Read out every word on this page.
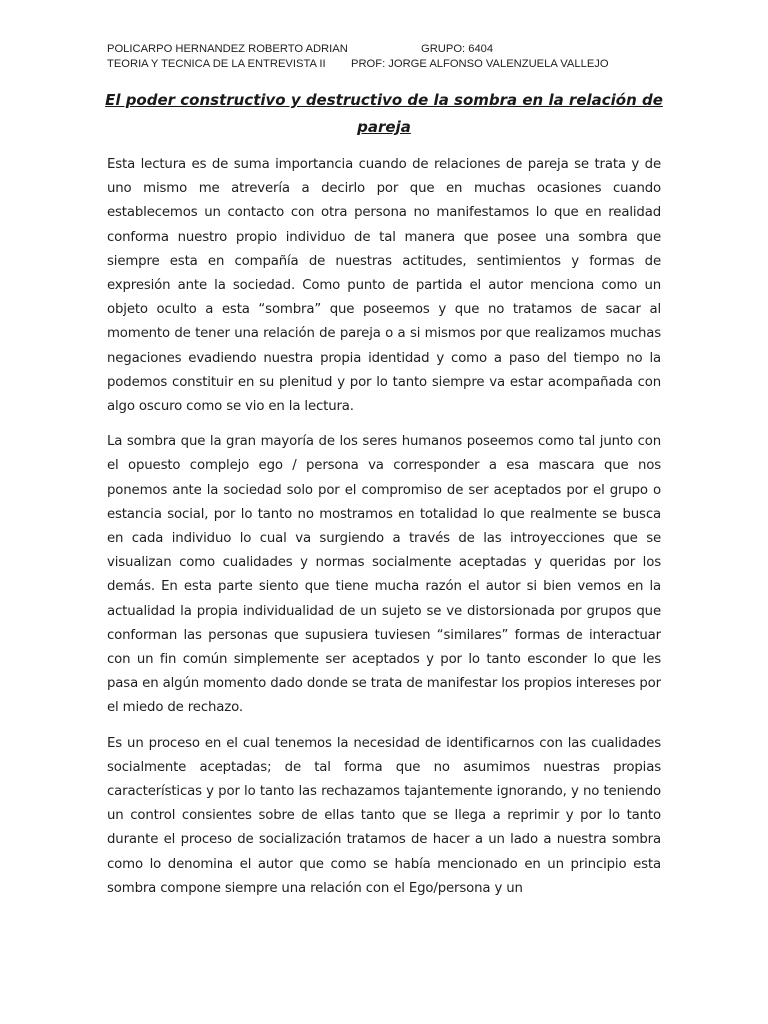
POLICARPO HERNANDEZ ROBERTO ADRIAN	GRUPO: 6404
TEORIA Y TECNICA DE LA ENTREVISTA II PROF: JORGE ALFONSO VALENZUELA VALLEJO
El poder constructivo y destructivo de la sombra en la relación de pareja

Esta lectura es de suma importancia cuando de relaciones de pareja se trata y de uno mismo me atrevería a decirlo por que en muchas ocasiones cuando establecemos un contacto con otra persona no manifestamos lo que en realidad conforma nuestro propio individuo de tal manera que posee una sombra que siempre esta en compañía de nuestras actitudes, sentimientos y formas de expresión ante la sociedad. Como punto de partida el autor menciona como un objeto oculto a esta “sombra” que poseemos y que no tratamos de sacar al momento de tener una relación de pareja o a si mismos por que realizamos muchas negaciones evadiendo nuestra propia identidad y como a paso del tiempo no la podemos constituir en su plenitud y por lo tanto siempre va estar acompañada con algo oscuro como se vio en la lectura.

La sombra que la gran mayoría de los seres humanos poseemos como tal junto con el opuesto complejo ego / persona va corresponder a esa mascara que nos ponemos ante la sociedad solo por el compromiso de ser aceptados por el grupo o estancia social, por lo tanto no mostramos en totalidad lo que realmente se busca en cada individuo lo cual va surgiendo a través de las introyecciones que se visualizan como cualidades y normas socialmente aceptadas y queridas por los demás. En esta parte siento que tiene mucha razón el autor si bien vemos en la actualidad la propia individualidad de un sujeto se ve distorsionada por grupos que conforman las personas que supusiera tuviesen “similares” formas de interactuar con un fin común simplemente ser aceptados y por lo tanto esconder lo que les pasa en algún momento dado donde se trata de manifestar los propios intereses por el miedo de rechazo.

Es un proceso en el cual tenemos la necesidad de identificarnos con las cualidades socialmente aceptadas; de tal forma que no asumimos nuestras propias características y por lo tanto las rechazamos tajantemente ignorando, y no teniendo un control consientes sobre de ellas tanto que se llega a reprimir y por lo tanto durante el proceso de socialización tratamos de hacer a un lado a nuestra sombra como lo denomina el autor que como se había mencionado en un principio esta sombra compone siempre una relación con el Ego/persona y un
